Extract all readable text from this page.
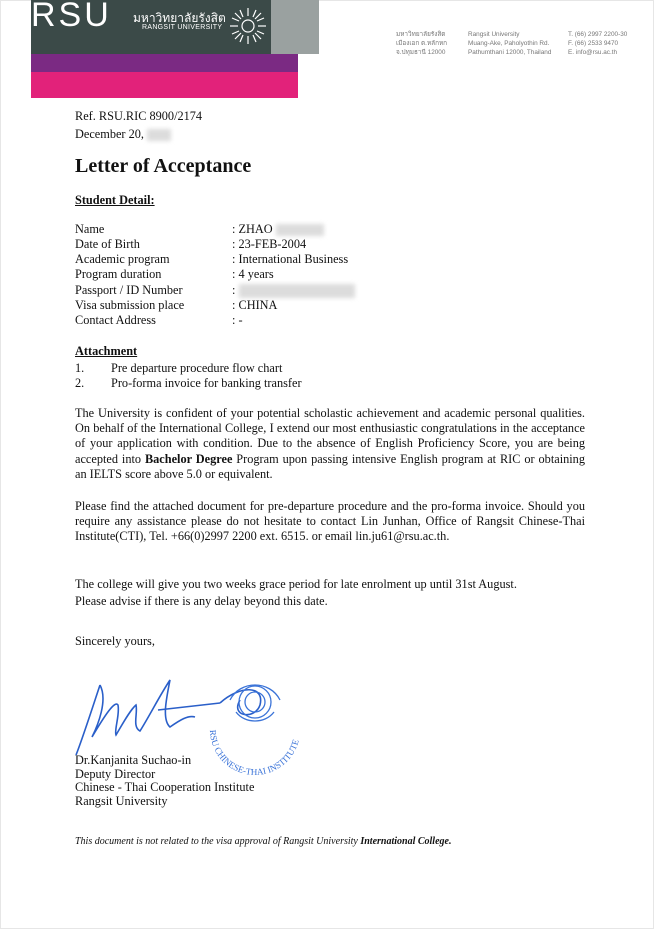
RSU มหาวิทยาลัยรังสิต
RANGSIT UNIVERSITY
มหาวิทยาลัยรังสิต
เมืองเอก ต.หลักหก
จ.ปทุมธานี 12000
Rangsit University
Muang-Ake, Paholyothin Rd.
Pathumthani 12000, Thailand
T. (66) 2997 2200-30
F. (66) 2533 9470
E. info@rsu.ac.th
Ref. RSU.RIC 8900/2174
December 20,
Letter of Acceptance
Student Detail:
Name	: ZHAO
Date of Birth	: 23-FEB-2004
Academic program	: International Business
Program duration	: 4 years
Passport / ID Number	:
Visa submission place	: CHINA
Contact Address	: -
Attachment
1. Pre departure procedure flow chart
2. Pro-forma invoice for banking transfer
The University is confident of your potential scholastic achievement and academic personal qualities. On behalf of the International College, I extend our most enthusiastic congratulations in the acceptance of your application with condition. Due to the absence of English Proficiency Score, you are being accepted into Bachelor Degree Program upon passing intensive English program at RIC or obtaining an IELTS score above 5.0 or equivalent.
Please find the attached document for pre-departure procedure and the pro-forma invoice. Should you require any assistance please do not hesitate to contact Lin Junhan, Office of Rangsit Chinese-Thai Institute(CTI), Tel. +66(0)2997 2200 ext. 6515. or email lin.ju61@rsu.ac.th.
The college will give you two weeks grace period for late enrolment up until 31st August.
Please advise if there is any delay beyond this date.
Sincerely yours,
RSU CHINESE-THAI INSTITUTE
Dr.Kanjanita Suchao-in
Deputy Director
Chinese - Thai Cooperation Institute
Rangsit University
This document is not related to the visa approval of Rangsit University International College.
